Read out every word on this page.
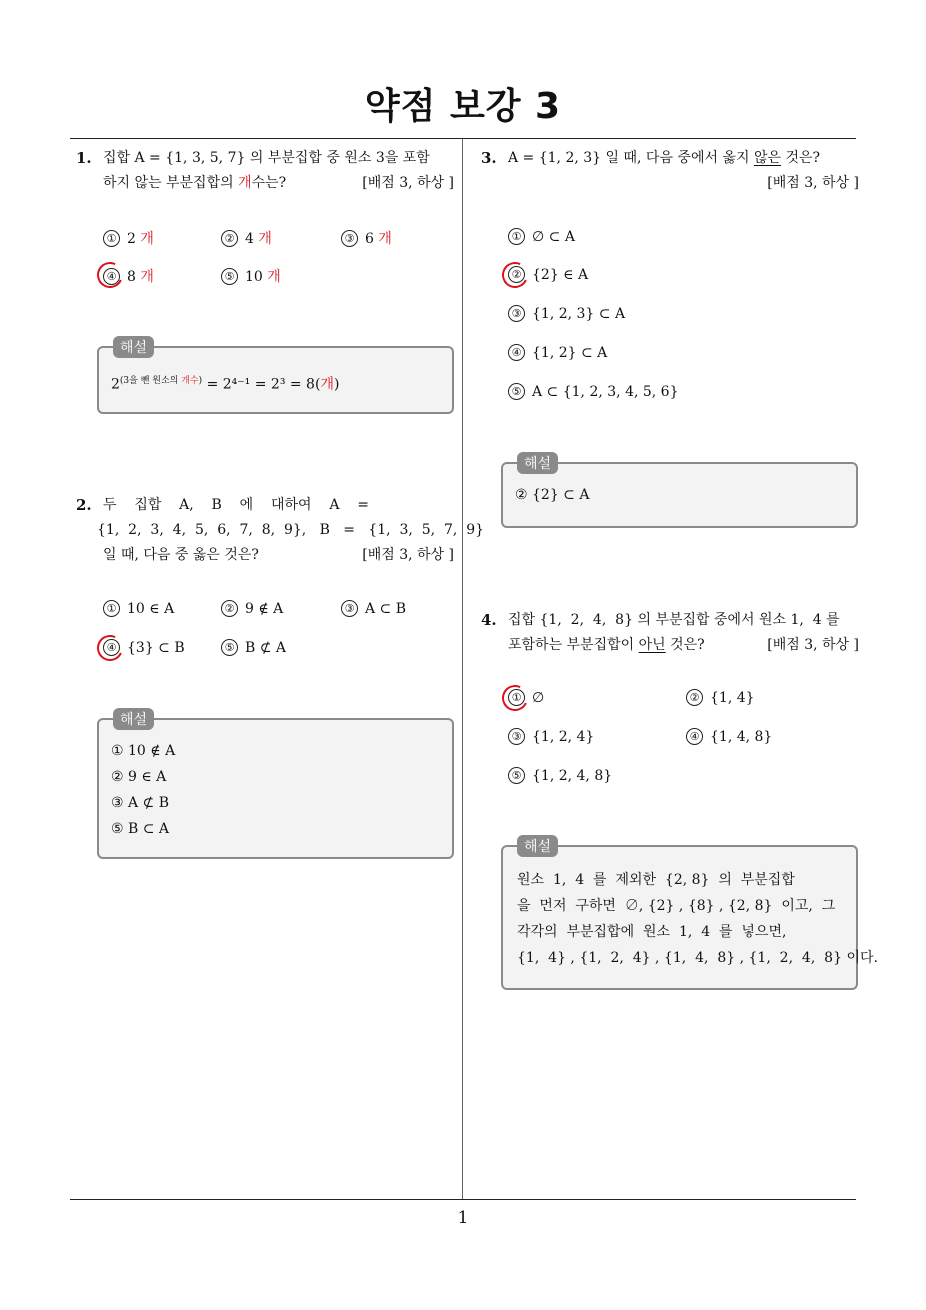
약점 보강 3
1
1. 집합 A = {1, 3, 5, 7} 의 부분집합 중 원소 3을 포함
하지 않는 부분집합의 개수는?	[배점 3, 하상 ]
① 2 개	② 4 개	③ 6 개
④ 8 개	⑤ 10 개
해설
$2^{(3을 뺀 원소의 개수)} = 2^{4-1} = 2^3 = 8$(개)
2. 두    집합    A,    B    에    대하여    A    =
{1,  2,  3,  4,  5,  6,  7,  8,  9},   B   =   {1,  3,  5,  7,  9}
일 때, 다음 중 옳은 것은?	[배점 3, 하상 ]
① 10 ∈ A	② 9 ∉ A	③ A ⊂ B
④ {3} ⊂ B	⑤ B ⊄ A
해설
① 10 ∉ A
② 9 ∈ A
③ A ⊄ B
⑤ B ⊂ A
3. A = {1, 2, 3} 일 때, 다음 중에서 옳지 않은 것은?
[배점 3, 하상 ]
① ∅ ⊂ A
② {2} ∈ A
③ {1, 2, 3} ⊂ A
④ {1, 2} ⊂ A
⑤ A ⊂ {1, 2, 3, 4, 5, 6}
해설
② {2} ⊂ A
4. 집합 {1,  2,  4,  8} 의 부분집합 중에서 원소 1,  4 를
포함하는 부분집합이 아닌 것은?	[배점 3, 하상 ]
① ∅	② {1, 4}
③ {1, 2, 4}	④ {1, 4, 8}
⑤ {1, 2, 4, 8}
해설
원소  1,  4  를  제외한  {2, 8}  의  부분집합
을  먼저  구하면  ∅, {2} , {8} , {2, 8}  이고,  그
각각의  부분집합에  원소  1,  4  를  넣으면,
{1,  4} , {1,  2,  4} , {1,  4,  8} , {1,  2,  4,  8} 이다.
